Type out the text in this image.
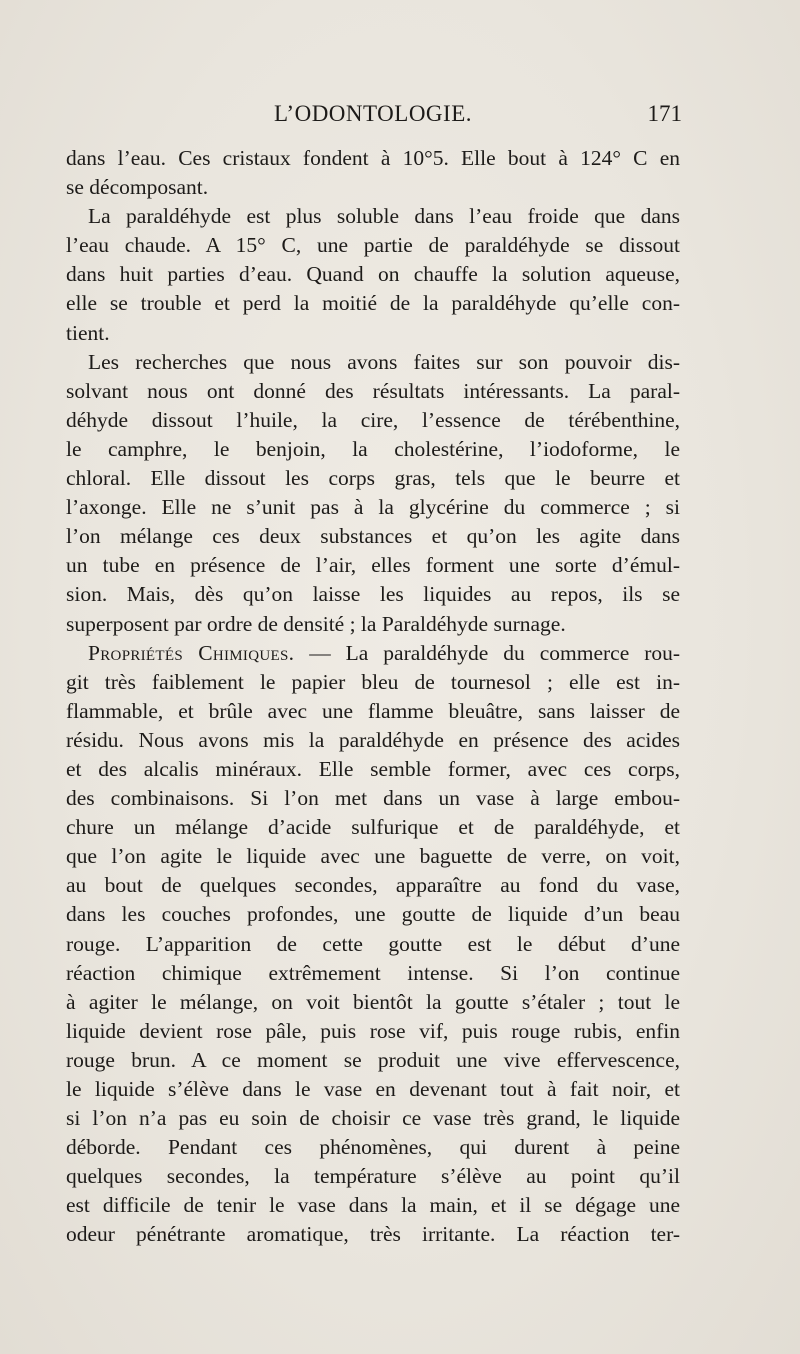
L’ODONTOLOGIE.	171
dans l’eau. Ces cristaux fondent à 10°5. Elle bout à 124° C en
se décomposant.
La paraldéhyde est plus soluble dans l’eau froide que dans
l’eau chaude. A 15° C, une partie de paraldéhyde se dissout
dans huit parties d’eau. Quand on chauffe la solution aqueuse,
elle se trouble et perd la moitié de la paraldéhyde qu’elle con-
tient.
Les recherches que nous avons faites sur son pouvoir dis-
solvant nous ont donné des résultats intéressants. La paral-
déhyde dissout l’huile, la cire, l’essence de térébenthine,
le camphre, le benjoin, la cholestérine, l’iodoforme, le
chloral. Elle dissout les corps gras, tels que le beurre et
l’axonge. Elle ne s’unit pas à la glycérine du commerce ; si
l’on mélange ces deux substances et qu’on les agite dans
un tube en présence de l’air, elles forment une sorte d’émul-
sion. Mais, dès qu’on laisse les liquides au repos, ils se
superposent par ordre de densité ; la Paraldéhyde surnage.
Propriétés Chimiques. — La paraldéhyde du commerce rou-
git très faiblement le papier bleu de tournesol ; elle est in-
flammable, et brûle avec une flamme bleuâtre, sans laisser de
résidu. Nous avons mis la paraldéhyde en présence des acides
et des alcalis minéraux. Elle semble former, avec ces corps,
des combinaisons. Si l’on met dans un vase à large embou-
chure un mélange d’acide sulfurique et de paraldéhyde, et
que l’on agite le liquide avec une baguette de verre, on voit,
au bout de quelques secondes, apparaître au fond du vase,
dans les couches profondes, une goutte de liquide d’un beau
rouge. L’apparition de cette goutte est le début d’une
réaction chimique extrêmement intense. Si l’on continue
à agiter le mélange, on voit bientôt la goutte s’étaler ; tout le
liquide devient rose pâle, puis rose vif, puis rouge rubis, enfin
rouge brun. A ce moment se produit une vive effervescence,
le liquide s’élève dans le vase en devenant tout à fait noir, et
si l’on n’a pas eu soin de choisir ce vase très grand, le liquide
déborde. Pendant ces phénomènes, qui durent à peine
quelques secondes, la température s’élève au point qu’il
est difficile de tenir le vase dans la main, et il se dégage une
odeur pénétrante aromatique, très irritante. La réaction ter-
